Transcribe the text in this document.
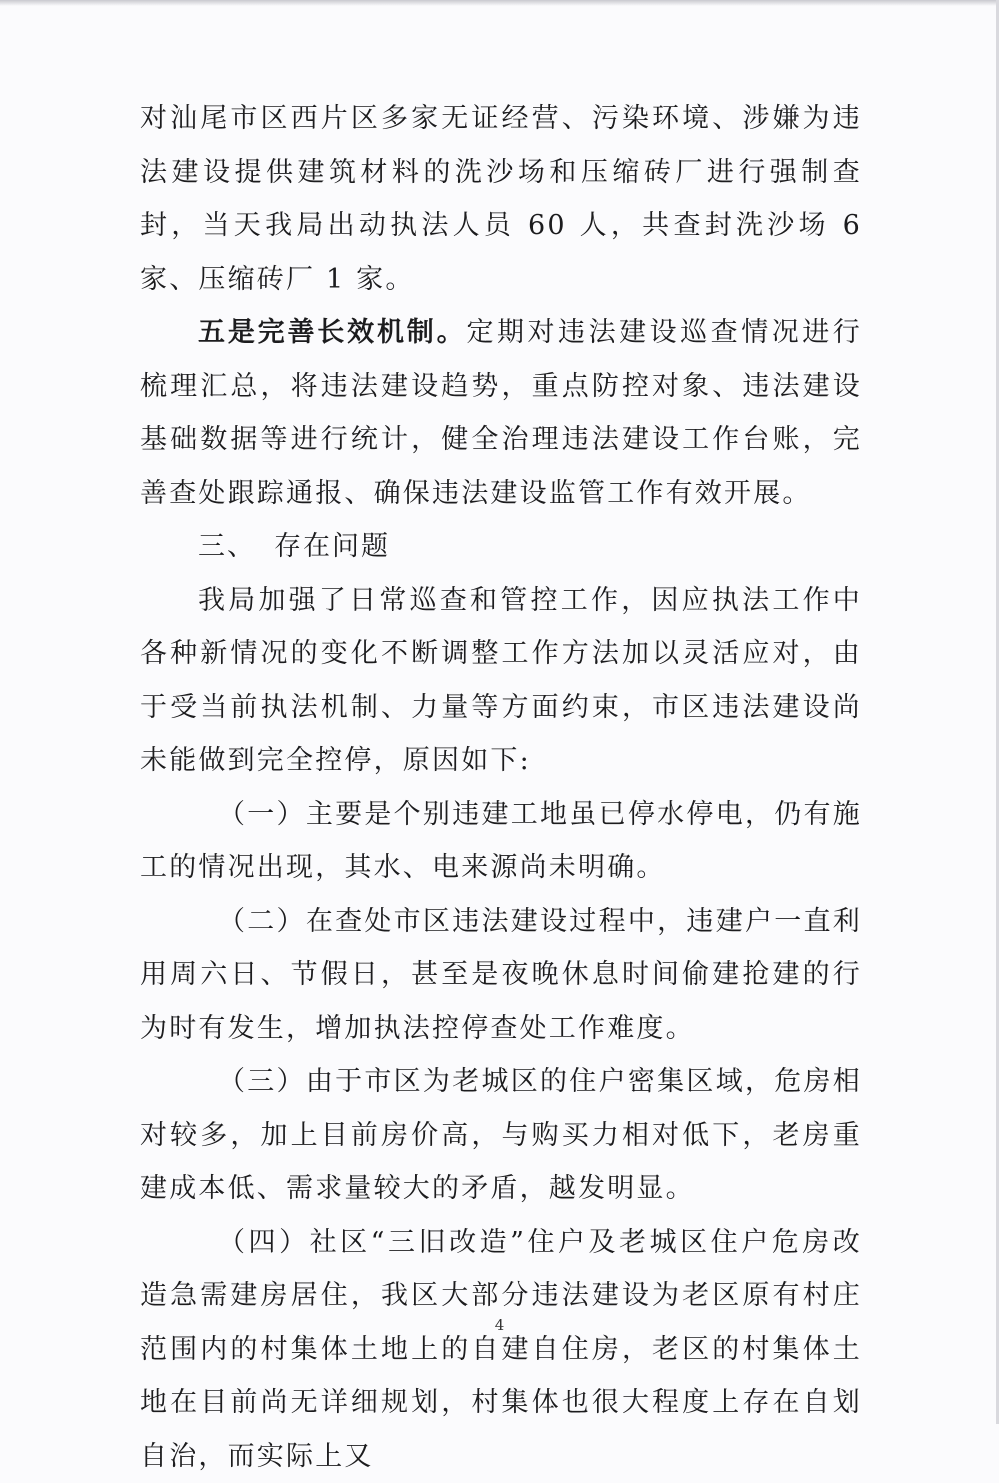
对汕尾市区西片区多家无证经营、污染环境、涉嫌为违法建设提供建筑材料的洗沙场和压缩砖厂进行强制查封，当天我局出动执法人员 60 人，共查封洗沙场 6 家、压缩砖厂 1 家。

五是完善长效机制。定期对违法建设巡查情况进行梳理汇总，将违法建设趋势，重点防控对象、违法建设基础数据等进行统计，健全治理违法建设工作台账，完善查处跟踪通报、确保违法建设监管工作有效开展。

三、 存在问题

我局加强了日常巡查和管控工作，因应执法工作中各种新情况的变化不断调整工作方法加以灵活应对，由于受当前执法机制、力量等方面约束，市区违法建设尚未能做到完全控停，原因如下:

（一）主要是个别违建工地虽已停水停电，仍有施工的情况出现，其水、电来源尚未明确。

（二）在查处市区违法建设过程中，违建户一直利用周六日、节假日，甚至是夜晚休息时间偷建抢建的行为时有发生，增加执法控停查处工作难度。

（三）由于市区为老城区的住户密集区域，危房相对较多，加上目前房价高，与购买力相对低下，老房重建成本低、需求量较大的矛盾，越发明显。

（四）社区“三旧改造”住户及老城区住户危房改造急需建房居住，我区大部分违法建设为老区原有村庄范围内的村集体土地上的自建自住房，老区的村集体土地在目前尚无详细规划，村集体也很大程度上存在自划自治，而实际上又

4
